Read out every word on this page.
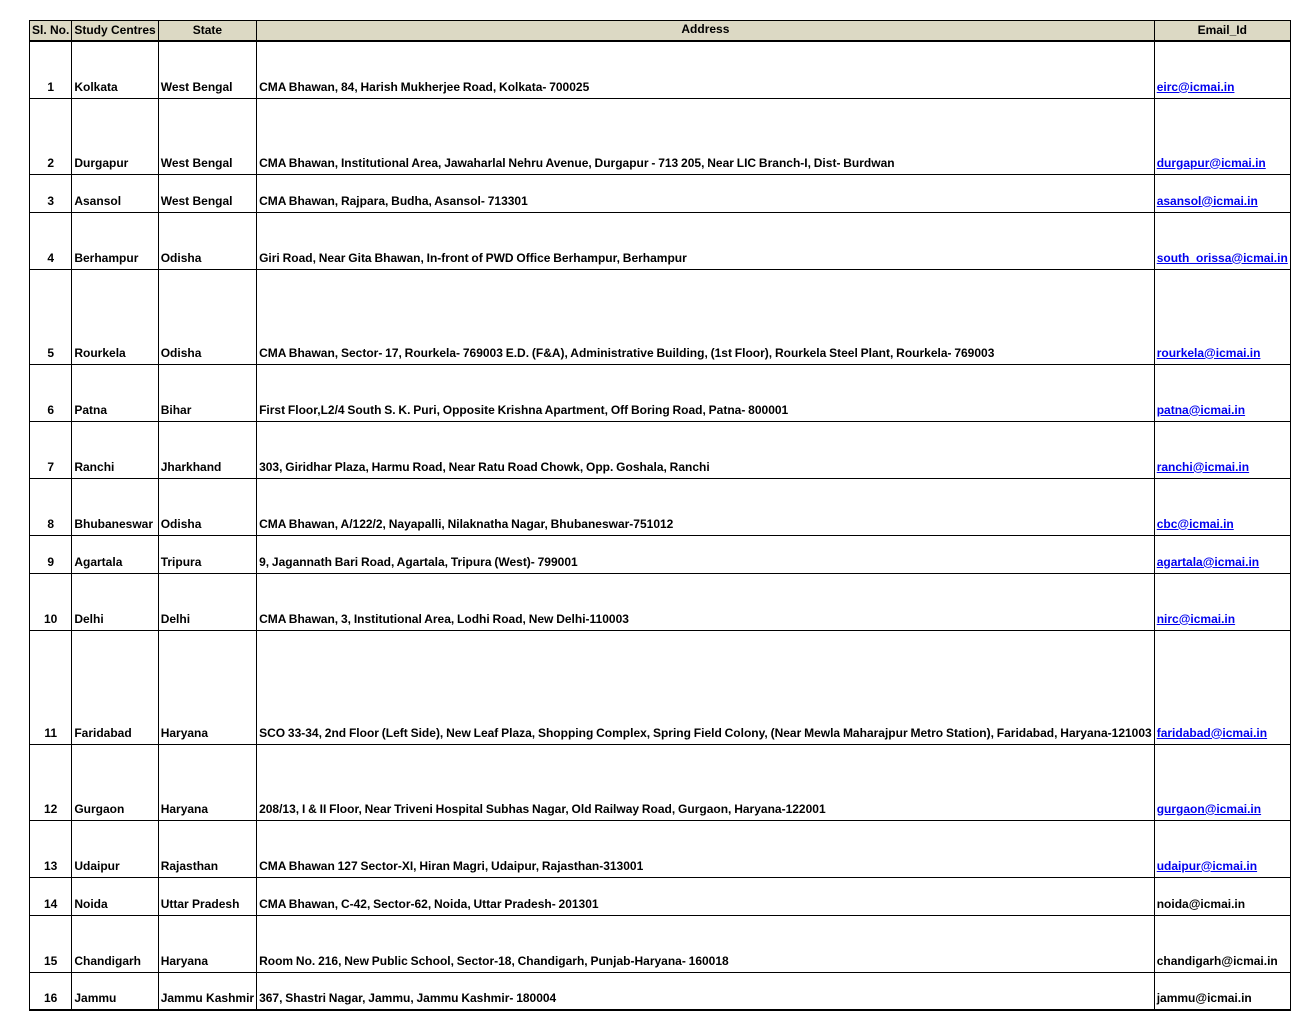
Sl. No.	Study Centres	State	Address	Email_Id
1	Kolkata	West Bengal	CMA Bhawan, 84, Harish Mukherjee Road, Kolkata- 700025	eirc@icmai.in
2	Durgapur	West Bengal	CMA Bhawan, Institutional Area, Jawaharlal Nehru Avenue, Durgapur - 713 205, Near LIC Branch-I, Dist- Burdwan	durgapur@icmai.in
3	Asansol	West Bengal	CMA Bhawan, Rajpara, Budha, Asansol- 713301	asansol@icmai.in
4	Berhampur	Odisha	Giri Road, Near Gita Bhawan, In-front of PWD Office Berhampur, Berhampur	south_orissa@icmai.in
5	Rourkela	Odisha	CMA Bhawan, Sector- 17, Rourkela- 769003 E.D. (F&A), Administrative Building, (1st Floor), Rourkela Steel Plant, Rourkela- 769003	rourkela@icmai.in
6	Patna	Bihar	First Floor,L2/4 South S. K. Puri, Opposite Krishna Apartment, Off Boring Road, Patna- 800001	patna@icmai.in
7	Ranchi	Jharkhand	303, Giridhar Plaza, Harmu Road, Near Ratu Road Chowk, Opp. Goshala, Ranchi	ranchi@icmai.in
8	Bhubaneswar	Odisha	CMA Bhawan, A/122/2, Nayapalli, Nilaknatha Nagar, Bhubaneswar-751012	cbc@icmai.in
9	Agartala	Tripura	9, Jagannath Bari Road, Agartala, Tripura (West)- 799001	agartala@icmai.in
10	Delhi	Delhi	CMA Bhawan, 3, Institutional Area, Lodhi Road, New Delhi-110003	nirc@icmai.in
11	Faridabad	Haryana	SCO 33-34, 2nd Floor (Left Side), New Leaf Plaza, Shopping Complex, Spring Field Colony, (Near Mewla Maharajpur Metro Station), Faridabad, Haryana-121003	faridabad@icmai.in
12	Gurgaon	Haryana	208/13, I & II Floor, Near Triveni Hospital Subhas Nagar, Old Railway Road, Gurgaon, Haryana-122001	gurgaon@icmai.in
13	Udaipur	Rajasthan	CMA Bhawan 127 Sector-XI, Hiran Magri, Udaipur, Rajasthan-313001	udaipur@icmai.in
14	Noida	Uttar Pradesh	CMA Bhawan, C-42, Sector-62, Noida, Uttar Pradesh- 201301	noida@icmai.in
15	Chandigarh	Haryana	Room No. 216, New Public School, Sector-18, Chandigarh, Punjab-Haryana- 160018	chandigarh@icmai.in
16	Jammu	Jammu Kashmir	367, Shastri Nagar, Jammu, Jammu Kashmir- 180004	jammu@icmai.in
